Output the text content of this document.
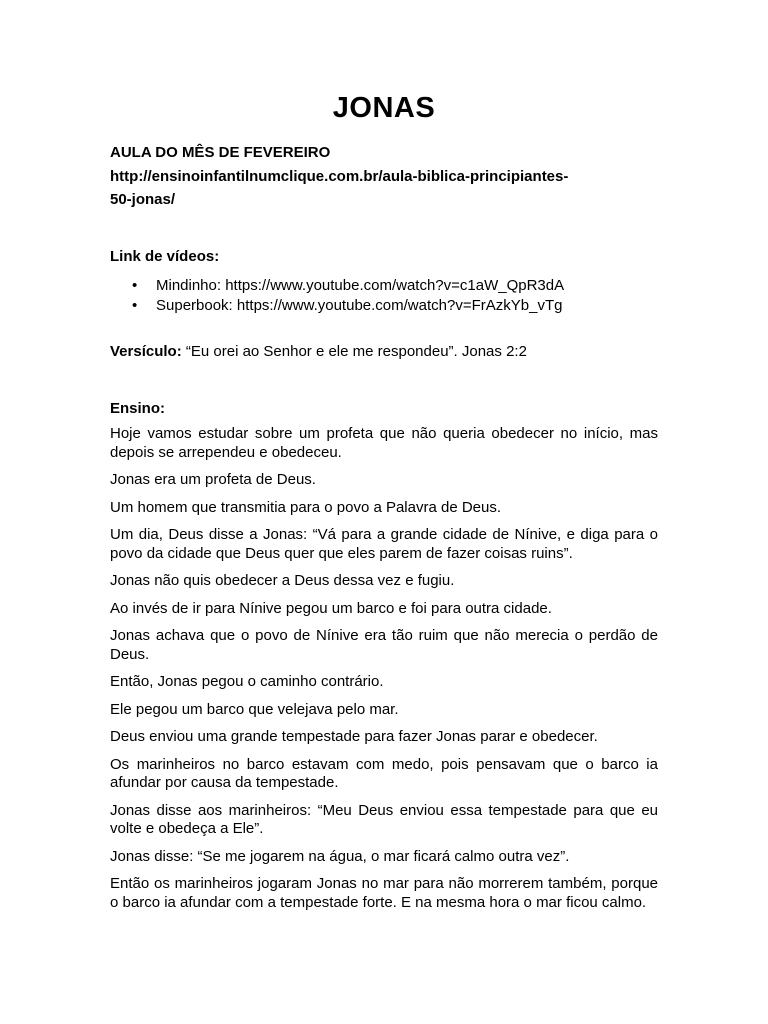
JONAS
AULA DO MÊS DE FEVEREIRO
http://ensinoinfantilnumclique.com.br/aula-biblica-principiantes-
50-jonas/
Link de vídeos:
• Mindinho: https://www.youtube.com/watch?v=c1aW_QpR3dA
• Superbook: https://www.youtube.com/watch?v=FrAzkYb_vTg
Versículo: “Eu orei ao Senhor e ele me respondeu”. Jonas 2:2
Ensino:

Hoje vamos estudar sobre um profeta que não queria obedecer no início, mas depois se arrependeu e obedeceu.

Jonas era um profeta de Deus.

Um homem que transmitia para o povo a Palavra de Deus.

Um dia, Deus disse a Jonas: “Vá para a grande cidade de Nínive, e diga para o povo da cidade que Deus quer que eles parem de fazer coisas ruins”.

Jonas não quis obedecer a Deus dessa vez e fugiu.

Ao invés de ir para Nínive pegou um barco e foi para outra cidade.

Jonas achava que o povo de Nínive era tão ruim que não merecia o perdão de Deus.

Então, Jonas pegou o caminho contrário.

Ele pegou um barco que velejava pelo mar.

Deus enviou uma grande tempestade para fazer Jonas parar e obedecer.

Os marinheiros no barco estavam com medo, pois pensavam que o barco ia afundar por causa da tempestade.

Jonas disse aos marinheiros: “Meu Deus enviou essa tempestade para que eu volte e obedeça a Ele”.

Jonas disse: “Se me jogarem na água, o mar ficará calmo outra vez”.

Então os marinheiros jogaram Jonas no mar para não morrerem também, porque o barco ia afundar com a tempestade forte. E na mesma hora o mar ficou calmo.
